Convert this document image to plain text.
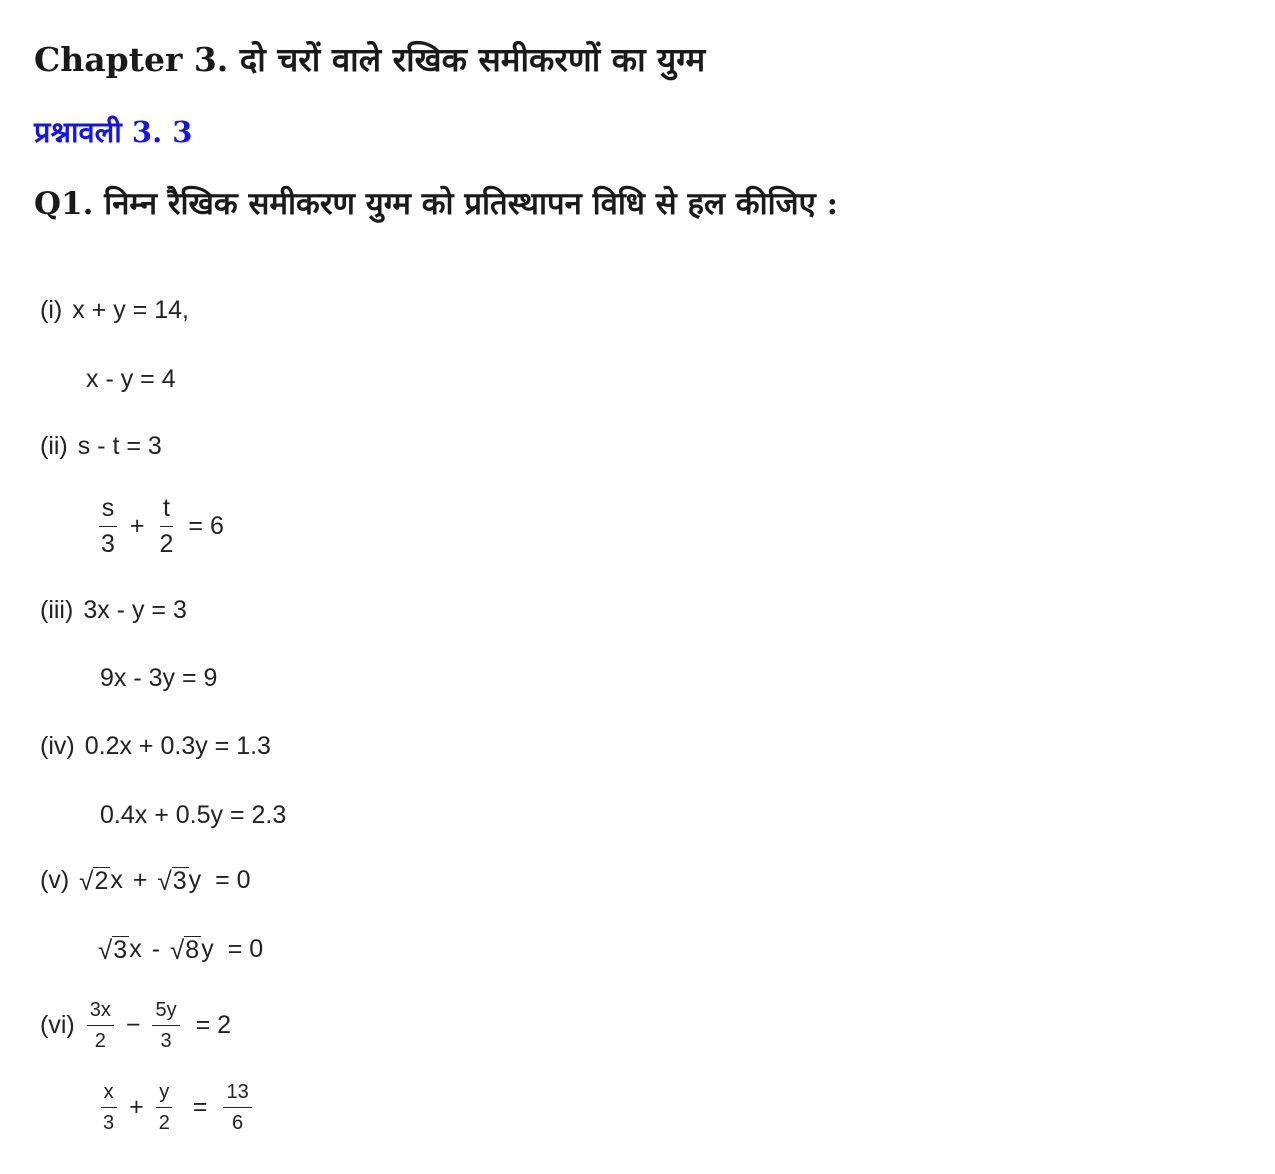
Chapter 3. दो चरों वाले रखिक समीकरणों का युग्म
प्रश्नावली 3. 3
Q1. निम्न रैखिक समीकरण युग्म को प्रतिस्थापन विधि से हल कीजिए :
(i) x + y = 14,
x - y = 4
(ii) s - t = 3
$\frac{s}{3} + \frac{t}{2} = 6$
(iii) 3x - y = 3
9x - 3y = 9
(iv) 0.2x + 0.3y = 1.3
0.4x + 0.5y = 2.3
(v) √ 2 x + √ 3 y = 0
√ 3 x - √ 8 y = 0
$(vi) \frac{3x}{2} - \frac{5y}{3} = 2$
$\frac{x}{3} + \frac{y}{2} = \frac{13}{6}$
